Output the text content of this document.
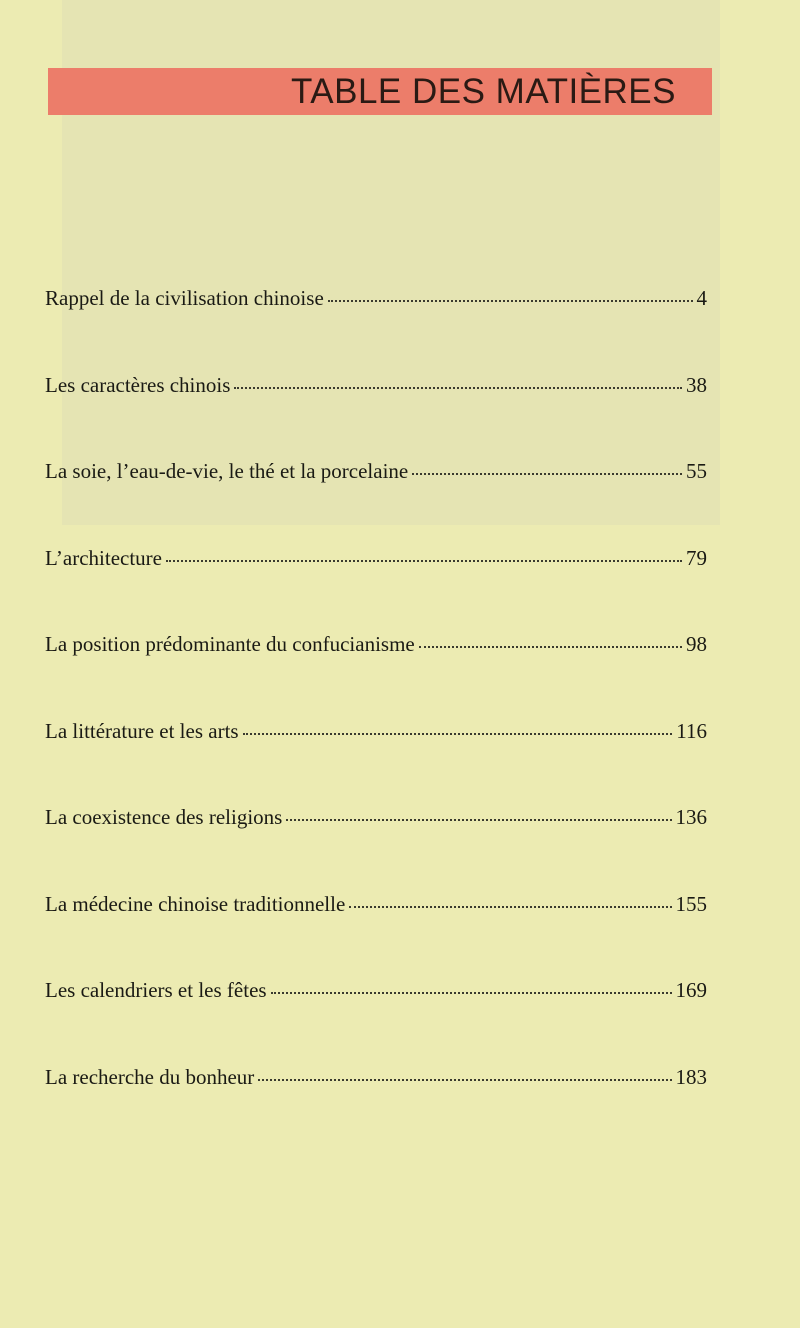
TABLE DES MATIÈRES
Rappel de la civilisation chinoise	4
Les caractères chinois	38
La soie, l’eau-de-vie, le thé et la porcelaine	55
L’architecture	79
La position prédominante du confucianisme	98
La littérature et les arts	116
La coexistence des religions	136
La médecine chinoise traditionnelle	155
Les calendriers et les fêtes	169
La recherche du bonheur	183
